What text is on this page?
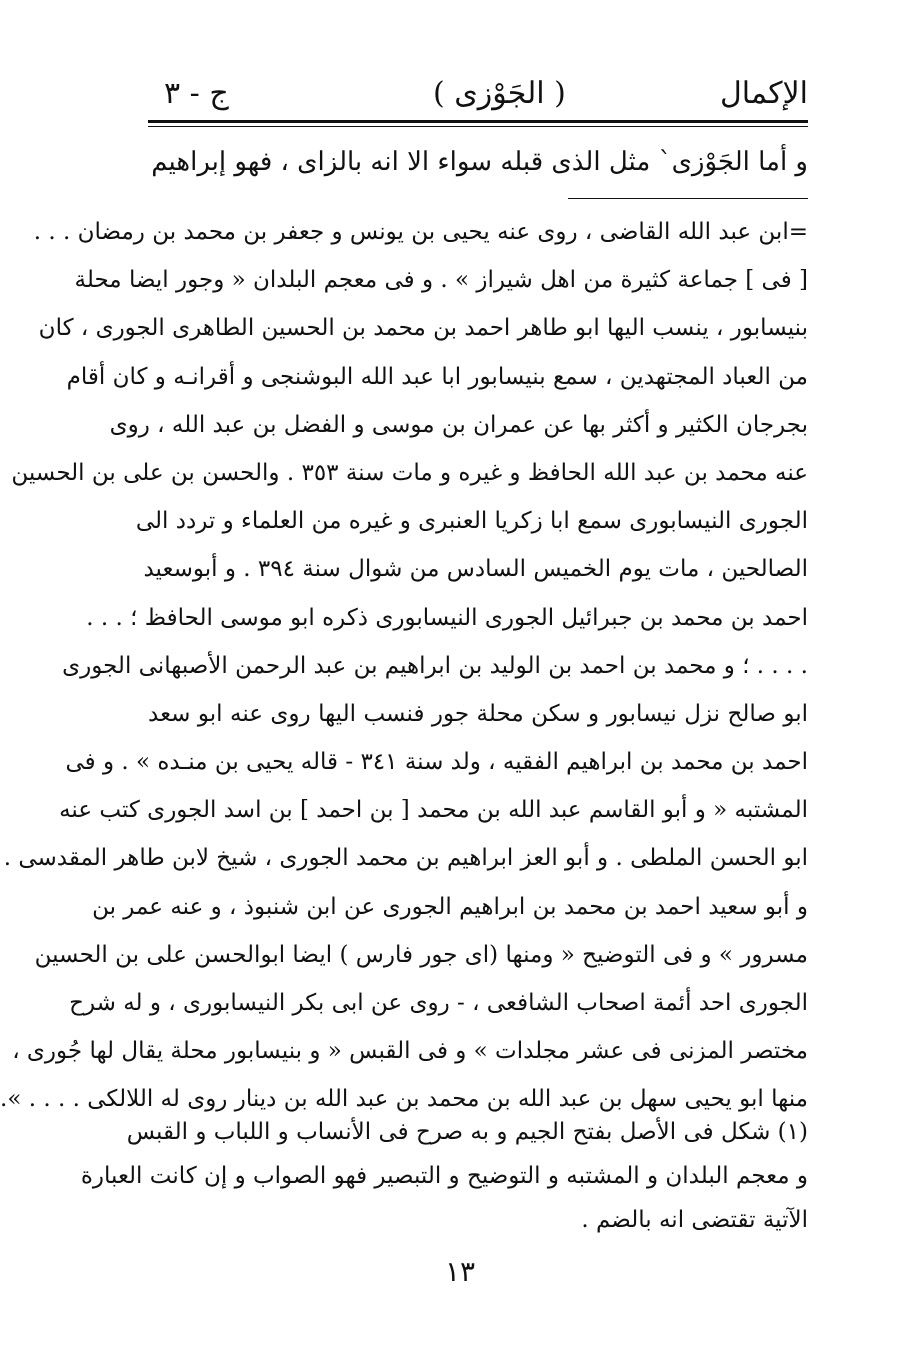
الإكمال
( الجَوْزى )
ج - ٣
و أما الجَوْزى` مثل الذى قبله سواء الا انه بالزاى ، فهو إبراهيم
=ابن عبد الله القاضى ، روى عنه يحيى بن يونس و جعفر بن محمد بن رمضان . . .
[ فى ] جماعة كثيرة من اهل شيراز » . و فى معجم البلدان « وجور ايضا محلة
بنيسابور ، ينسب اليها ابو طاهر احمد بن محمد بن الحسين الطاهرى الجورى ، كان
من العباد المجتهدين ، سمع بنيسابور ابا عبد الله البوشنجى و أقرانـه و كان أقام
بجرجان الكثير و أكثر بها عن عمران بن موسى و الفضل بن عبد الله ، روى
عنه محمد بن عبد الله الحافظ و غيره و مات سنة ٣٥٣ . والحسن بن على بن الحسين
الجورى النيسابورى سمع ابا زكريا العنبرى و غيره من العلماء و تردد الى
الصالحين ، مات يوم الخميس السادس من شوال سنة ٣٩٤ . و أبوسعيد
احمد بن محمد بن جبرائيل الجورى النيسابورى ذكره ابو موسى الحافظ ؛ . . .
. . . . ؛ و محمد بن احمد بن الوليد بن ابراهيم بن عبد الرحمن الأصبهانى الجورى
ابو صالح نزل نيسابور و سكن محلة جور فنسب اليها روى عنه ابو سعد
احمد بن محمد بن ابراهيم الفقيه ، ولد سنة ٣٤١ - قاله يحيى بن منـده » . و فى
المشتبه « و أبو القاسم عبد الله بن محمد [ بن احمد ] بن اسد الجورى كتب عنه
ابو الحسن الملطى . و أبو العز ابراهيم بن محمد الجورى ، شيخ لابن طاهر المقدسى .
و أبو سعيد احمد بن محمد بن ابراهيم الجورى عن ابن شنبوذ ، و عنه عمر بن
مسرور » و فى التوضيح « ومنها (اى جور فارس ) ايضا ابوالحسن على بن الحسين
الجورى احد أئمة اصحاب الشافعى ، - روى عن ابى بكر النيسابورى ، و له شرح
مختصر المزنى فى عشر مجلدات » و فى القبس « و بنيسابور محلة يقال لها جُورى ،
منها ابو يحيى سهل بن عبد الله بن محمد بن عبد الله بن دينار روى له اللالكى . . . . ».
(١) شكل فى الأصل بفتح الجيم و به صرح فى الأنساب و اللباب و القبس
و معجم البلدان و المشتبه و التوضيح و التبصير فهو الصواب و إن كانت العبارة
الآتية تقتضى انه بالضم .
١٣
